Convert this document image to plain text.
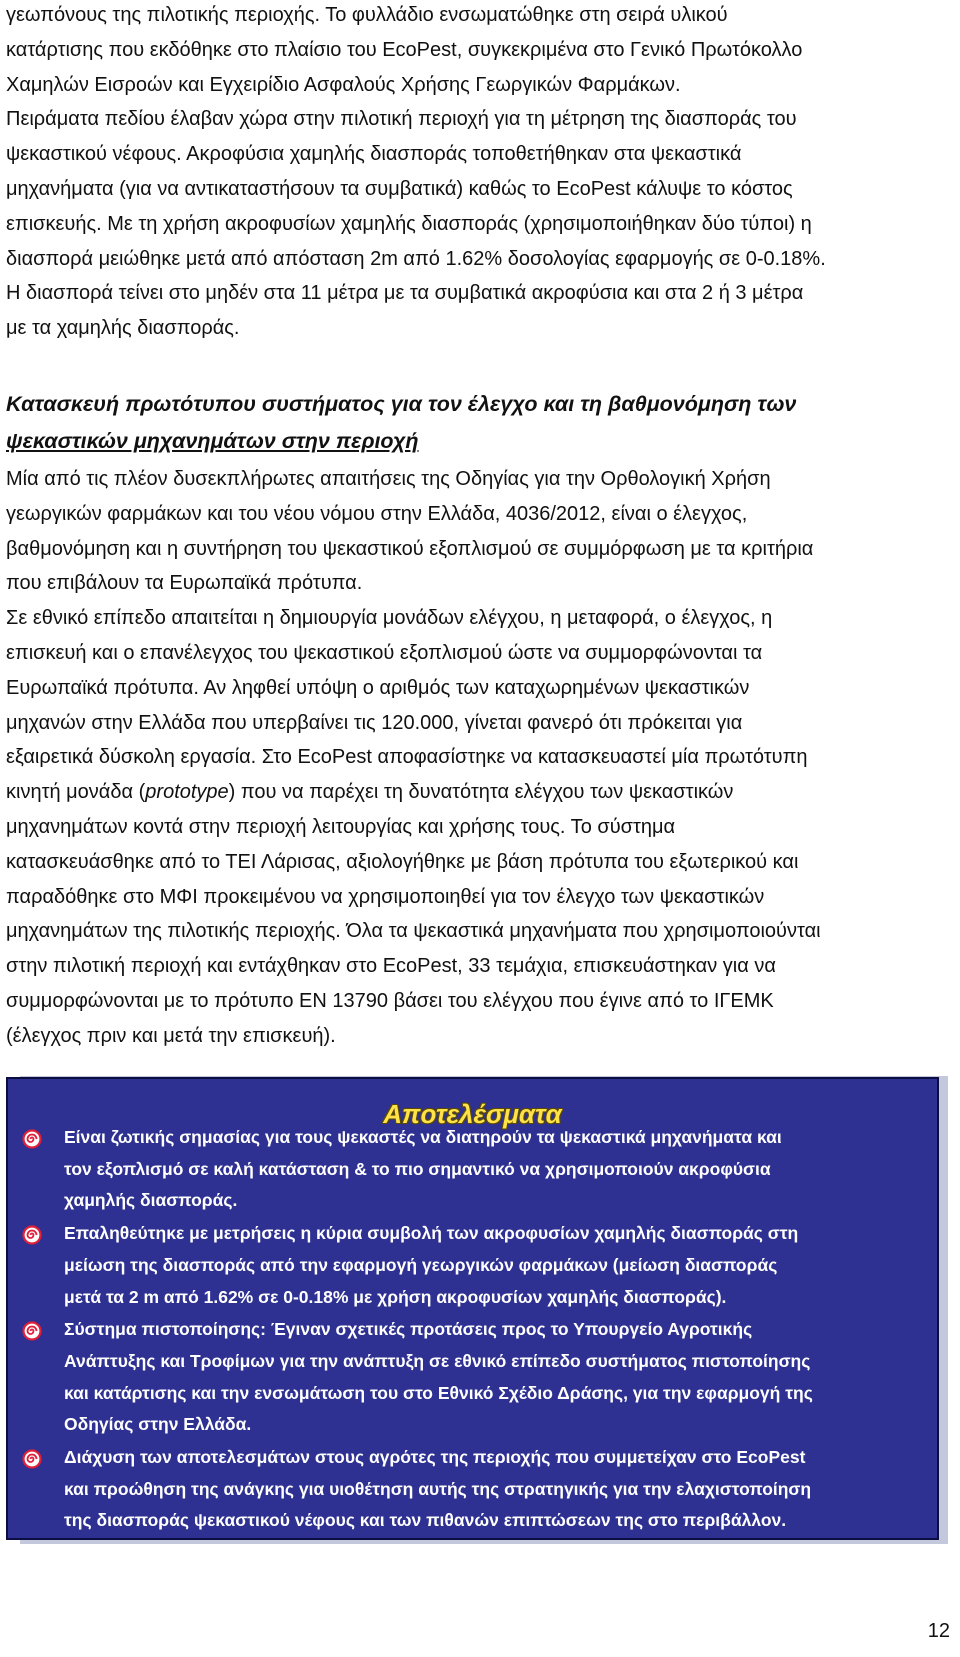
γεωπόνους της πιλοτικής περιοχής. Το φυλλάδιο ενσωματώθηκε στη σειρά υλικού
κατάρτισης που εκδόθηκε στο πλαίσιο του EcoPest, συγκεκριμένα στο Γενικό Πρωτόκολλο
Χαμηλών Εισροών και Εγχειρίδιο Ασφαλούς Χρήσης Γεωργικών Φαρμάκων.
Πειράματα πεδίου έλαβαν χώρα στην πιλοτική περιοχή για τη μέτρηση της διασποράς του
ψεκαστικού νέφους. Ακροφύσια χαμηλής διασποράς τοποθετήθηκαν στα ψεκαστικά
μηχανήματα (για να αντικαταστήσουν τα συμβατικά) καθώς το EcoPest κάλυψε το κόστος
επισκευής. Με τη χρήση ακροφυσίων χαμηλής διασποράς (χρησιμοποιήθηκαν δύο τύποι) η
διασπορά μειώθηκε μετά από απόσταση 2m από 1.62% δοσολογίας εφαρμογής σε 0-0.18%.
Η διασπορά τείνει στο μηδέν στα 11 μέτρα με τα συμβατικά ακροφύσια και στα 2 ή 3 μέτρα
με τα χαμηλής διασποράς.
Κατασκευή πρωτότυπου συστήματος για τον έλεγχο και τη βαθμονόμηση των
ψεκαστικών μηχανημάτων στην περιοχή
Μία από τις πλέον δυσεκπλήρωτες απαιτήσεις της Οδηγίας για την Ορθολογική Χρήση
γεωργικών φαρμάκων και του νέου νόμου στην Ελλάδα, 4036/2012, είναι ο έλεγχος,
βαθμονόμηση και η συντήρηση του ψεκαστικού εξοπλισμού σε συμμόρφωση με τα κριτήρια
που επιβάλουν τα Ευρωπαϊκά πρότυπα.
Σε εθνικό επίπεδο απαιτείται η δημιουργία μονάδων ελέγχου, η μεταφορά, ο έλεγχος, η
επισκευή και ο επανέλεγχος του ψεκαστικού εξοπλισμού ώστε να συμμορφώνονται τα
Ευρωπαϊκά πρότυπα. Αν ληφθεί υπόψη ο αριθμός των καταχωρημένων ψεκαστικών
μηχανών στην Ελλάδα που υπερβαίνει τις 120.000, γίνεται φανερό ότι πρόκειται για
εξαιρετικά δύσκολη εργασία. Στο EcoPest αποφασίστηκε να κατασκευαστεί μία πρωτότυπη
κινητή μονάδα (prototype) που να παρέχει τη δυνατότητα ελέγχου των ψεκαστικών
μηχανημάτων κοντά στην περιοχή λειτουργίας και χρήσης τους. Το σύστημα
κατασκευάσθηκε από το ΤΕΙ Λάρισας, αξιολογήθηκε με βάση πρότυπα του εξωτερικού και
παραδόθηκε στο ΜΦΙ προκειμένου να χρησιμοποιηθεί για τον έλεγχο των ψεκαστικών
μηχανημάτων της πιλοτικής περιοχής. Όλα τα ψεκαστικά μηχανήματα που χρησιμοποιούνται
στην πιλοτική περιοχή και εντάχθηκαν στο EcoPest, 33 τεμάχια, επισκευάστηκαν για να
συμμορφώνονται με το πρότυπο ΕΝ 13790 βάσει του ελέγχου που έγινε από το ΙΓΕΜΚ
(έλεγχος πριν και μετά την επισκευή).
Αποτελέσματα
Είναι ζωτικής σημασίας για τους ψεκαστές να διατηρούν τα ψεκαστικά μηχανήματα και
τον εξοπλισμό σε καλή κατάσταση & το πιο σημαντικό να χρησιμοποιούν ακροφύσια
χαμηλής διασποράς.
Επαληθεύτηκε με μετρήσεις η κύρια συμβολή των ακροφυσίων χαμηλής διασποράς στη
μείωση της διασποράς από την εφαρμογή γεωργικών φαρμάκων (μείωση διασποράς
μετά τα 2 m από 1.62% σε 0-0.18% με χρήση ακροφυσίων χαμηλής διασποράς).
Σύστημα πιστοποίησης: Έγιναν σχετικές προτάσεις προς το Υπουργείο Αγροτικής
Ανάπτυξης και Τροφίμων για την ανάπτυξη σε εθνικό επίπεδο συστήματος πιστοποίησης
και κατάρτισης και την ενσωμάτωση του στο Εθνικό Σχέδιο Δράσης, για την εφαρμογή της
Οδηγίας στην Ελλάδα.
Διάχυση των αποτελεσμάτων στους αγρότες της περιοχής που συμμετείχαν στο EcoPest
και προώθηση της ανάγκης για υιοθέτηση αυτής της στρατηγικής για την ελαχιστοποίηση
της διασποράς ψεκαστικού νέφους και των πιθανών επιπτώσεων της στο περιβάλλον.
12
